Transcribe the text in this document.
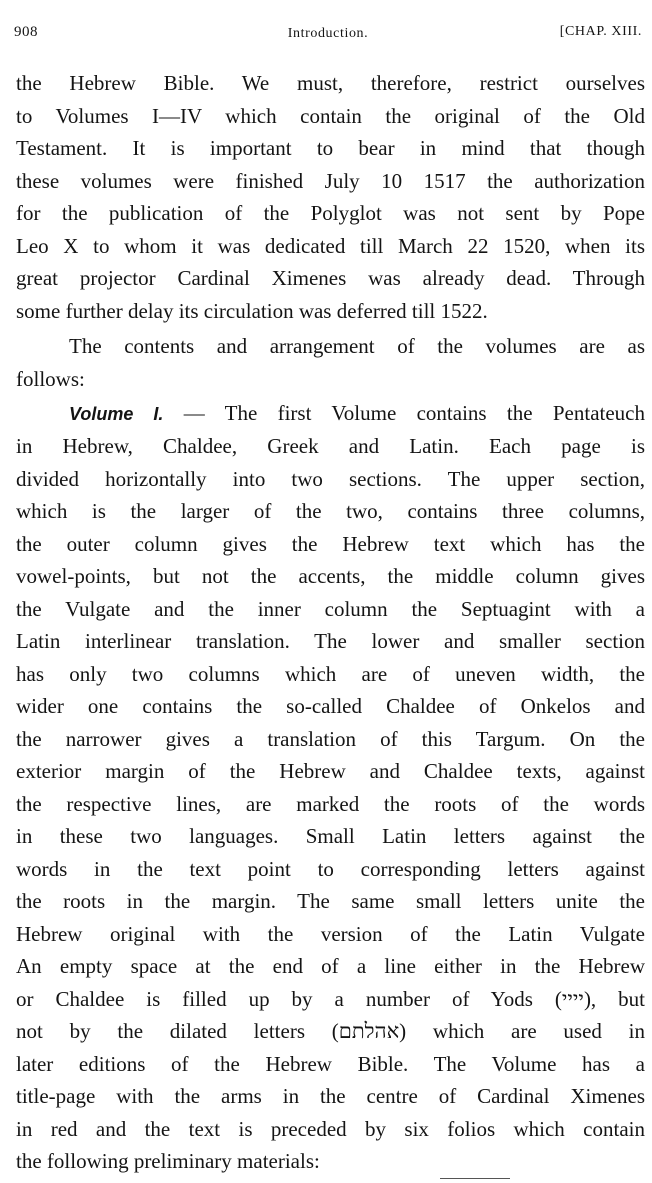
908	Introduction.	[CHAP. XIII.
the Hebrew Bible. We must, therefore, restrict ourselves
to Volumes I—IV which contain the original of the Old
Testament. It is important to bear in mind that though
these volumes were finished July 10 1517 the authorization
for the publication of the Polyglot was not sent by Pope
Leo X to whom it was dedicated till March 22 1520, when its
great projector Cardinal Ximenes was already dead. Through
some further delay its circulation was deferred till 1522.
The contents and arrangement of the volumes are as
follows:
Volume I. — The first Volume contains the Pentateuch
in Hebrew, Chaldee, Greek and Latin. Each page is
divided horizontally into two sections. The upper section,
which is the larger of the two, contains three columns,
the outer column gives the Hebrew text which has the
vowel-points, but not the accents, the middle column gives
the Vulgate and the inner column the Septuagint with a
Latin interlinear translation. The lower and smaller section
has only two columns which are of uneven width, the
wider one contains the so-called Chaldee of Onkelos and
the narrower gives a translation of this Targum. On the
exterior margin of the Hebrew and Chaldee texts, against
the respective lines, are marked the roots of the words
in these two languages. Small Latin letters against the
words in the text point to corresponding letters against
the roots in the margin. The same small letters unite the
Hebrew original with the version of the Latin Vulgate
An empty space at the end of a line either in the Hebrew
or Chaldee is filled up by a number of Yods (יייי), but
not by the dilated letters (אהלתם) which are used in
later editions of the Hebrew Bible. The Volume has a
title-page with the arms in the centre of Cardinal Ximenes
in red and the text is preceded by six folios which contain
the following preliminary materials:
